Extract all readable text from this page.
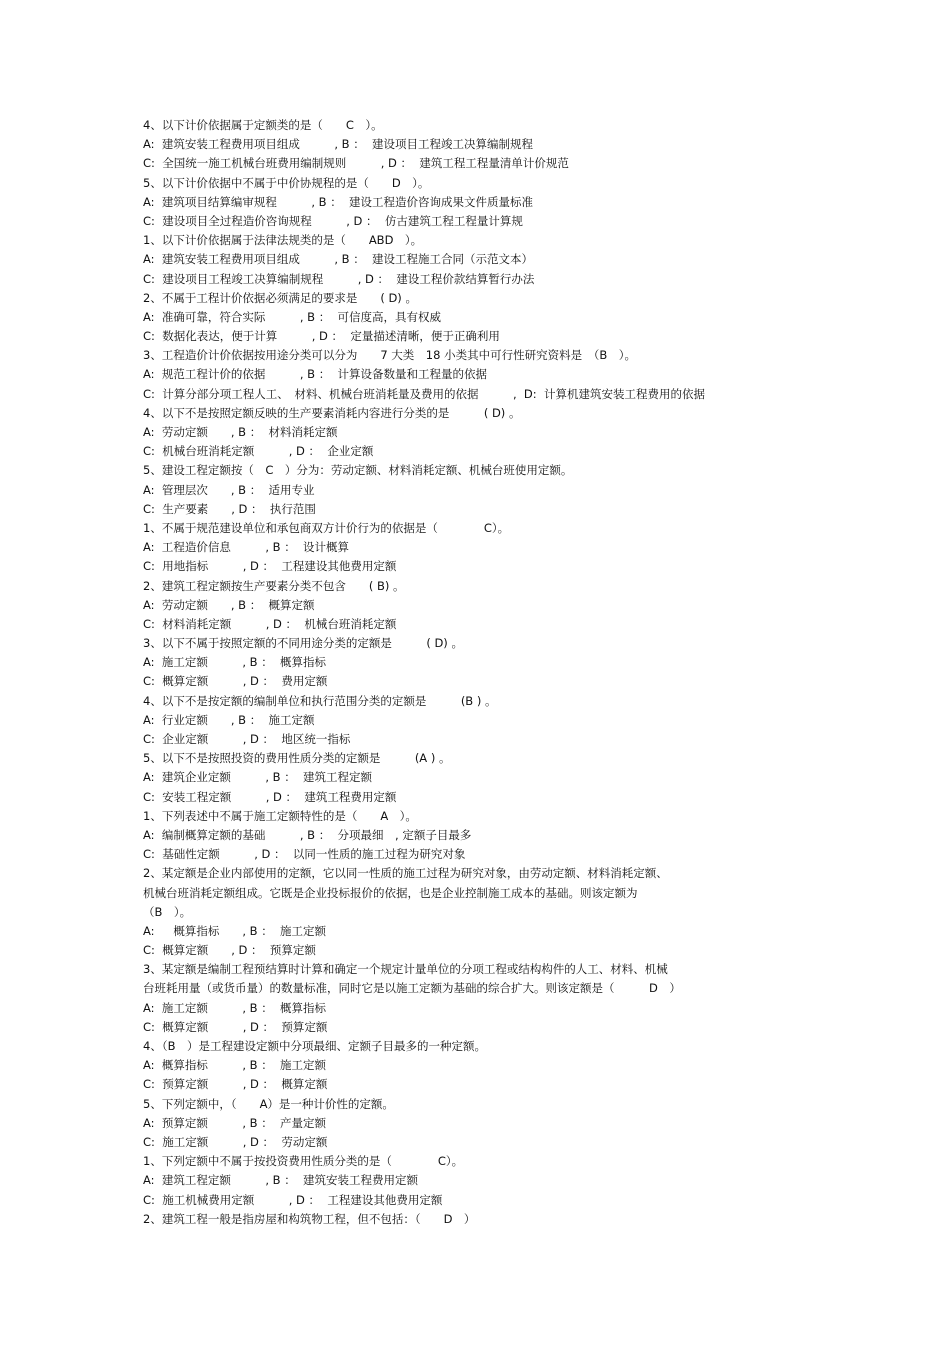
4、以下计价依据属于定额类的是（　　C　）。
A:  建筑安装工程费用项目组成　　　, B ：  建设项目工程竣工决算编制规程
C:  全国统一施工机械台班费用编制规则　　　, D ：  建筑工程工程量清单计价规范
5、以下计价依据中不属于中价协规程的是（　　D　）。
A:  建筑项目结算编审规程　　　, B ：  建设工程造价咨询成果文件质量标准
C:  建设项目全过程造价咨询规程　　　, D ：  仿古建筑工程工程量计算规
1、以下计价依据属于法律法规类的是（　　ABD　）。
A:  建筑安装工程费用项目组成　　　, B ：  建设工程施工合同（示范文本）
C:  建设项目工程竣工决算编制规程　　　, D ：  建设工程价款结算暂行办法
2、不属于工程计价依据必须满足的要求是　　( D) 。
A:  准确可靠，符合实际　　　, B ：  可信度高，具有权威
C:  数据化表达，便于计算　　　, D ：  定量描述清晰，便于正确利用
3、工程造价计价依据按用途分类可以分为　　7 大类　18 小类其中可行性研究资料是　（B　）。
A:  规范工程计价的依据　　　, B ：  计算设备数量和工程量的依据
C:  计算分部分项工程人工、　材料、机械台班消耗量及费用的依据　　　,  D:  计算机建筑安装工程费用的依据
4、以下不是按照定额反映的生产要素消耗内容进行分类的是　　　( D) 。
A:  劳动定额　　, B ：  材料消耗定额
C:  机械台班消耗定额　　　, D ：  企业定额
5、建设工程定额按（　C　）分为：劳动定额、材料消耗定额、机械台班使用定额。
A:  管理层次　　, B ：  适用专业
C:  生产要素　　, D ：  执行范围
1、不属于规范建设单位和承包商双方计价行为的依据是（　　　　C）。
A:  工程造价信息　　　, B ：  设计概算
C:  用地指标　　　, D ：  工程建设其他费用定额
2、建筑工程定额按生产要素分类不包含　　( B) 。
A:  劳动定额　　, B ：  概算定额
C:  材料消耗定额　　　, D ：  机械台班消耗定额
3、以下不属于按照定额的不同用途分类的定额是　　　( D) 。
A:  施工定额　　　, B ：  概算指标
C:  概算定额　　　, D ：  费用定额
4、以下不是按定额的编制单位和执行范围分类的定额是　　　(B ) 。
A:  行业定额　　, B ：  施工定额
C:  企业定额　　　, D ：  地区统一指标
5、以下不是按照投资的费用性质分类的定额是　　　(A ) 。
A:  建筑企业定额　　　, B ：  建筑工程定额
C:  安装工程定额　　　, D ：  建筑工程费用定额
1、下列表述中不属于施工定额特性的是（　　A　）。
A:  编制概算定额的基础　　　, B ：  分项最细　, 定额子目最多
C:  基础性定额　　　, D ：  以同一性质的施工过程为研究对象
2、某定额是企业内部使用的定额，它以同一性质的施工过程为研究对象，由劳动定额、材料消耗定额、
机械台班消耗定额组成。它既是企业投标报价的依据，也是企业控制施工成本的基础。则该定额为
（B　）。
A:  　概算指标　　, B ：  施工定额
C:  概算定额　　, D ：  预算定额
3、某定额是编制工程预结算时计算和确定一个规定计量单位的分项工程或结构构件的人工、材料、机械
台班耗用量（或货币量）的数量标准，同时它是以施工定额为基础的综合扩大。则该定额是（　　　D　）
A:  施工定额　　　, B ：  概算指标
C:  概算定额　　　, D ：  预算定额
4、（B　）是工程建设定额中分项最细、定额子目最多的一种定额。
A:  概算指标　　　, B ：  施工定额
C:  预算定额　　　, D ：  概算定额
5、下列定额中，（　　A）是一种计价性的定额。
A:  预算定额　　　, B ：  产量定额
C:  施工定额　　　, D ：  劳动定额
1、下列定额中不属于按投资费用性质分类的是（　　　　C）。
A:  建筑工程定额　　　, B ：  建筑安装工程费用定额
C:  施工机械费用定额　　　, D ：  工程建设其他费用定额
2、建筑工程一般是指房屋和构筑物工程，但不包括：（　　D　）
